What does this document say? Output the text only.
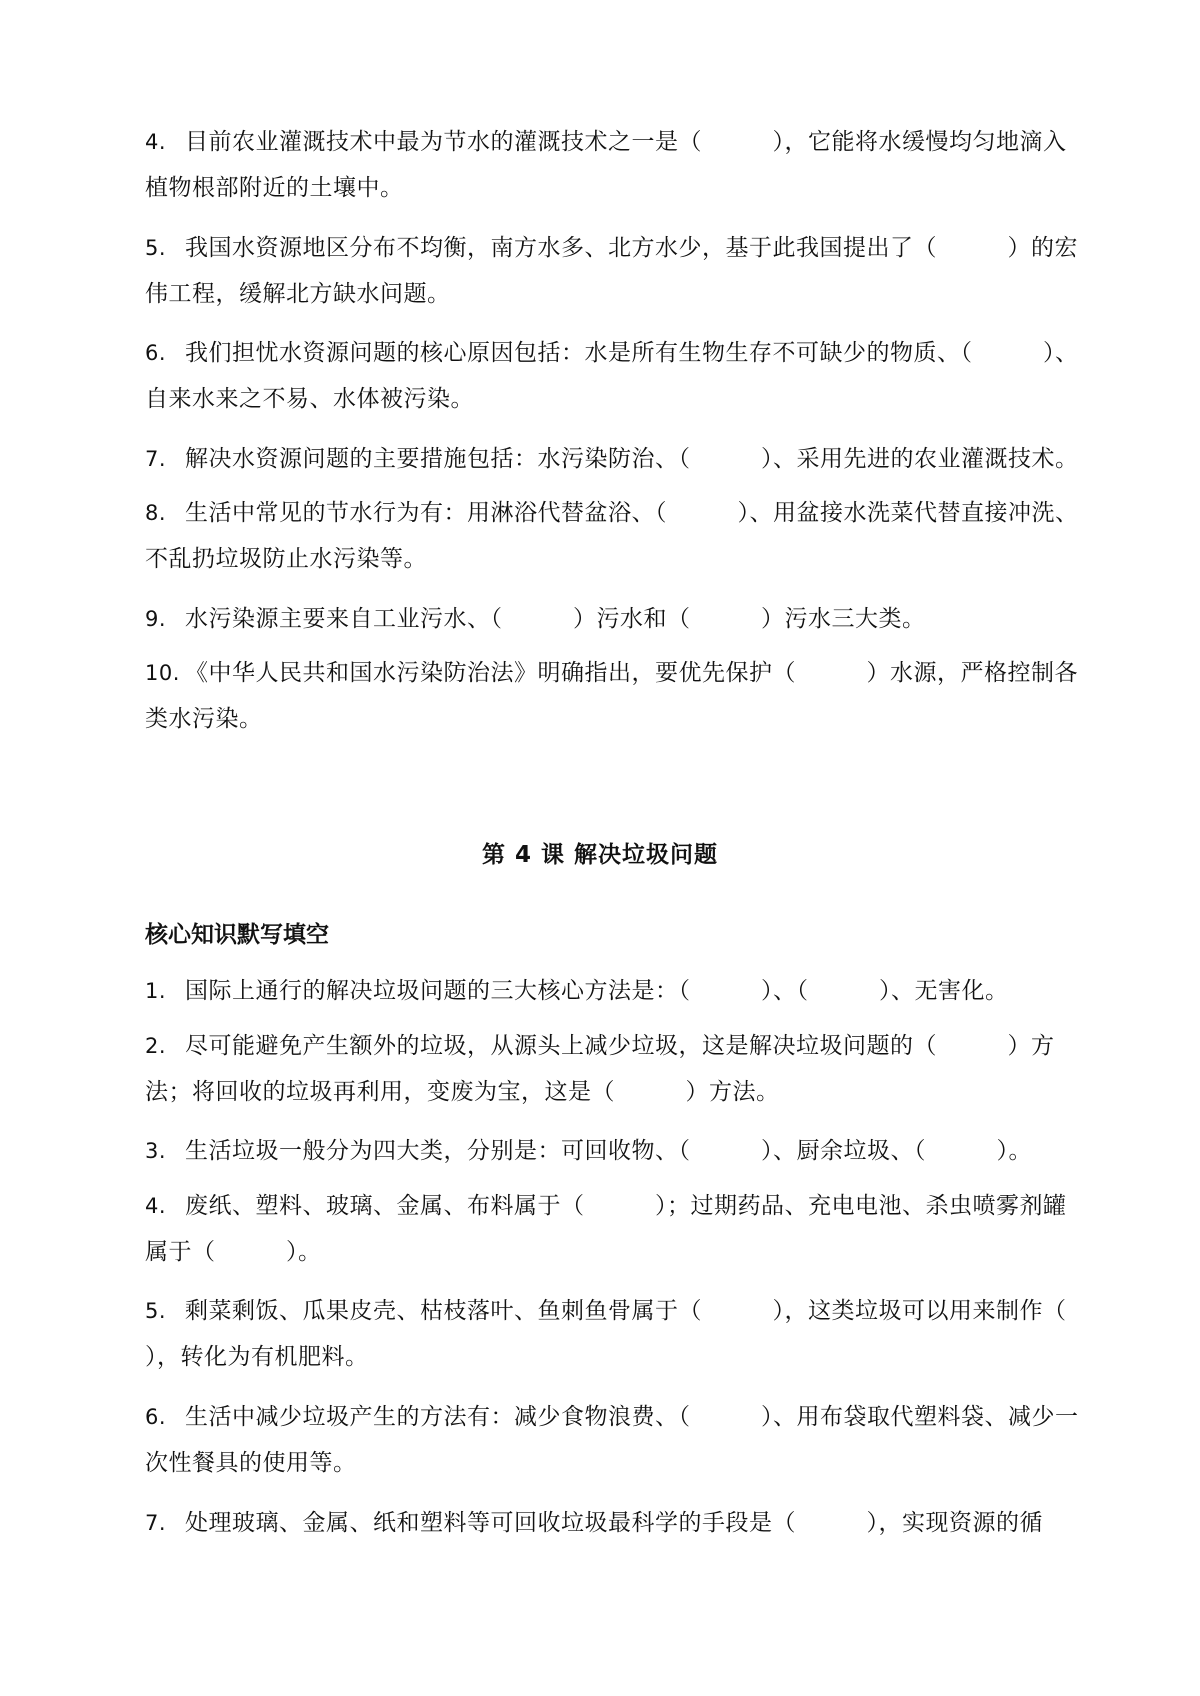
4. 目前农业灌溉技术中最为节水的灌溉技术之一是（　　　），它能将水缓慢均匀地滴入植物根部附近的土壤中。
5. 我国水资源地区分布不均衡，南方水多、北方水少，基于此我国提出了（　　　）的宏伟工程，缓解北方缺水问题。
6. 我们担忧水资源问题的核心原因包括：水是所有生物生存不可缺少的物质、（　　　）、自来水来之不易、水体被污染。
7. 解决水资源问题的主要措施包括：水污染防治、（　　　）、采用先进的农业灌溉技术。
8. 生活中常见的节水行为有：用淋浴代替盆浴、（　　　）、用盆接水洗菜代替直接冲洗、不乱扔垃圾防止水污染等。
9. 水污染源主要来自工业污水、（　　　）污水和（　　　）污水三大类。
10. 《中华人民共和国水污染防治法》明确指出，要优先保护（　　　）水源，严格控制各类水污染。
第 4 课 解决垃圾问题
核心知识默写填空
1. 国际上通行的解决垃圾问题的三大核心方法是：（　　　）、（　　　）、无害化。
2. 尽可能避免产生额外的垃圾，从源头上减少垃圾，这是解决垃圾问题的（　　　）方法；将回收的垃圾再利用，变废为宝，这是（　　　）方法。
3. 生活垃圾一般分为四大类，分别是：可回收物、（　　　）、厨余垃圾、（　　　）。
4. 废纸、塑料、玻璃、金属、布料属于（　　　）；过期药品、充电电池、杀虫喷雾剂罐属于（　　　）。
5. 剩菜剩饭、瓜果皮壳、枯枝落叶、鱼刺鱼骨属于（　　　），这类垃圾可以用来制作（　　　），转化为有机肥料。
6. 生活中减少垃圾产生的方法有：减少食物浪费、（　　　）、用布袋取代塑料袋、减少一次性餐具的使用等。
7. 处理玻璃、金属、纸和塑料等可回收垃圾最科学的手段是（　　　），实现资源的循
